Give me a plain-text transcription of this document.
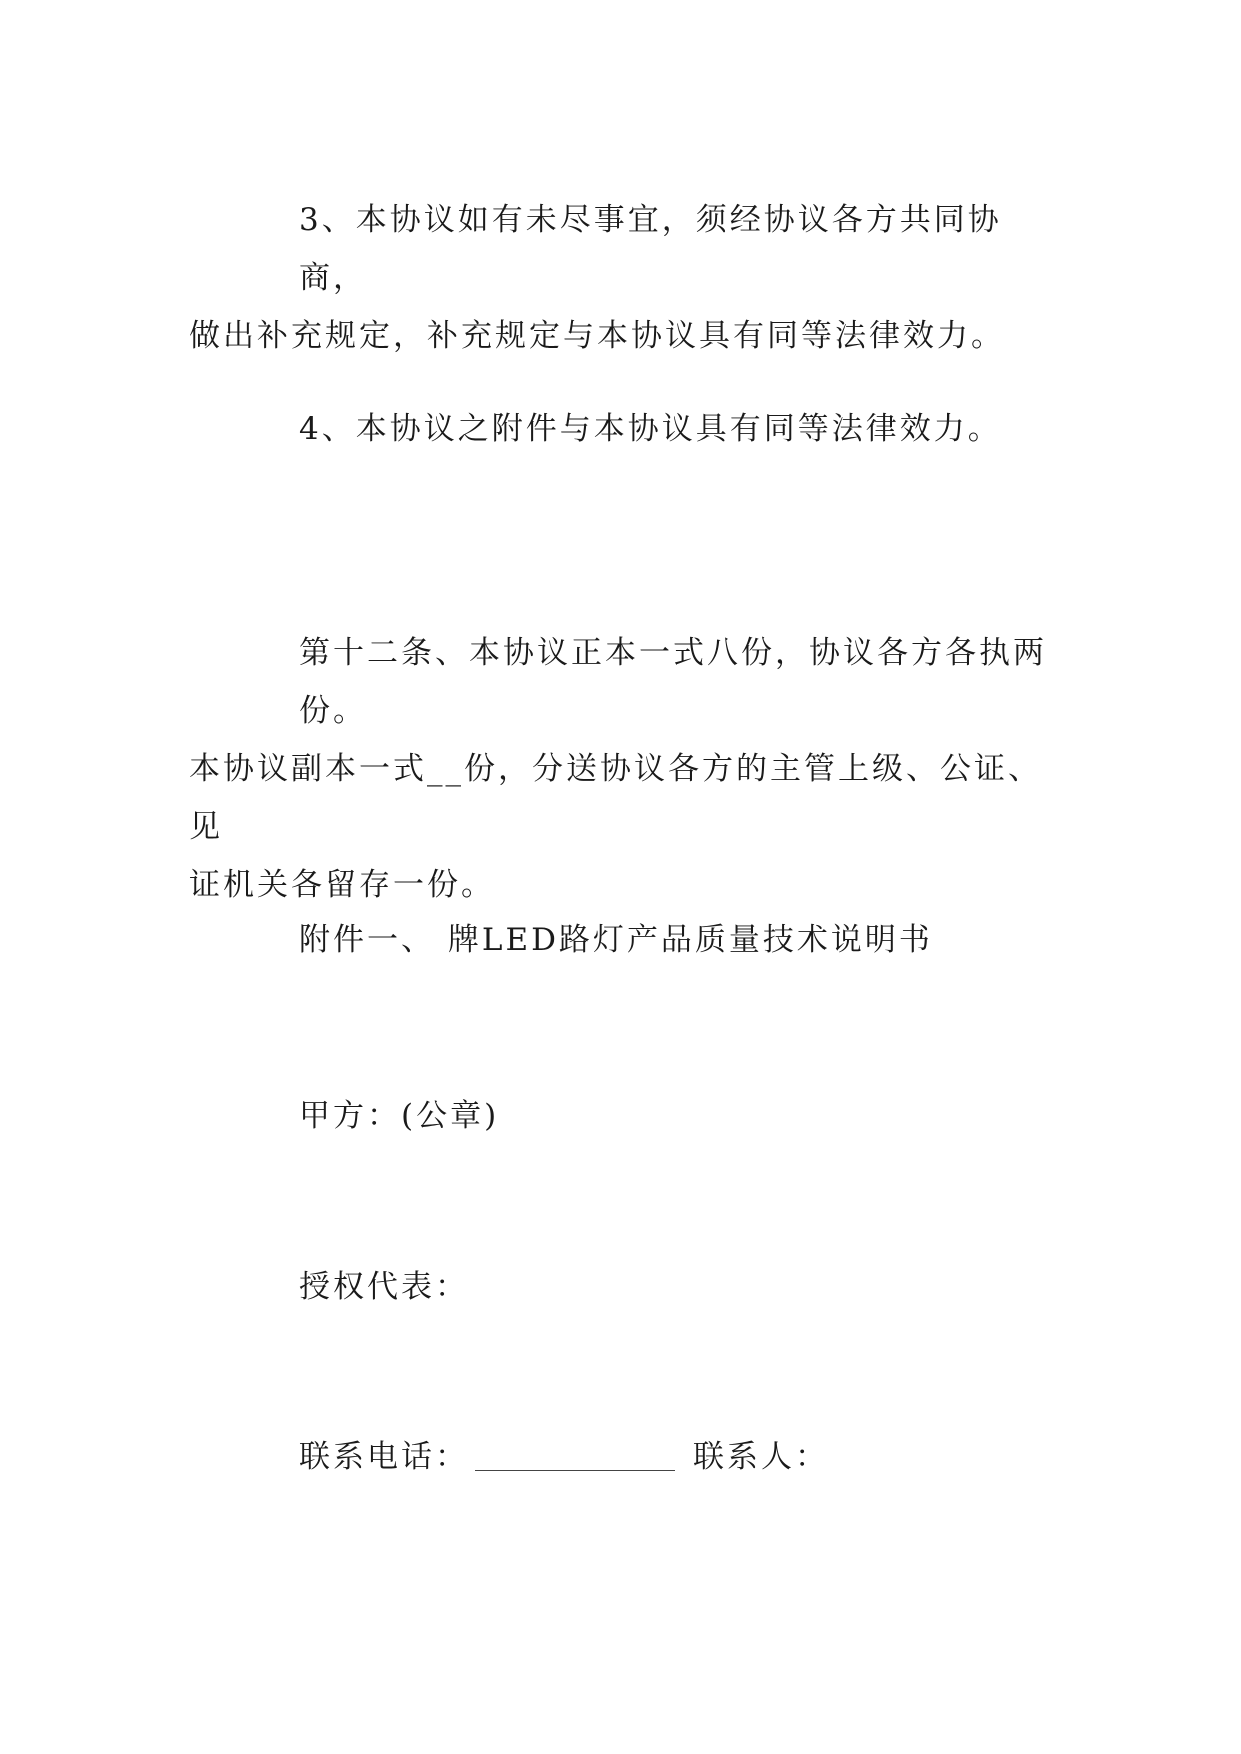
3、本协议如有未尽事宜，须经协议各方共同协商，
做出补充规定，补充规定与本协议具有同等法律效力。
4、本协议之附件与本协议具有同等法律效力。
第十二条、本协议正本一式八份，协议各方各执两份。
本协议副本一式__份，分送协议各方的主管上级、公证、见
证机关各留存一份。

附件一、 牌LED路灯产品质量技术说明书

甲方：(公章)

授权代表：

联系电话：	联系人：
